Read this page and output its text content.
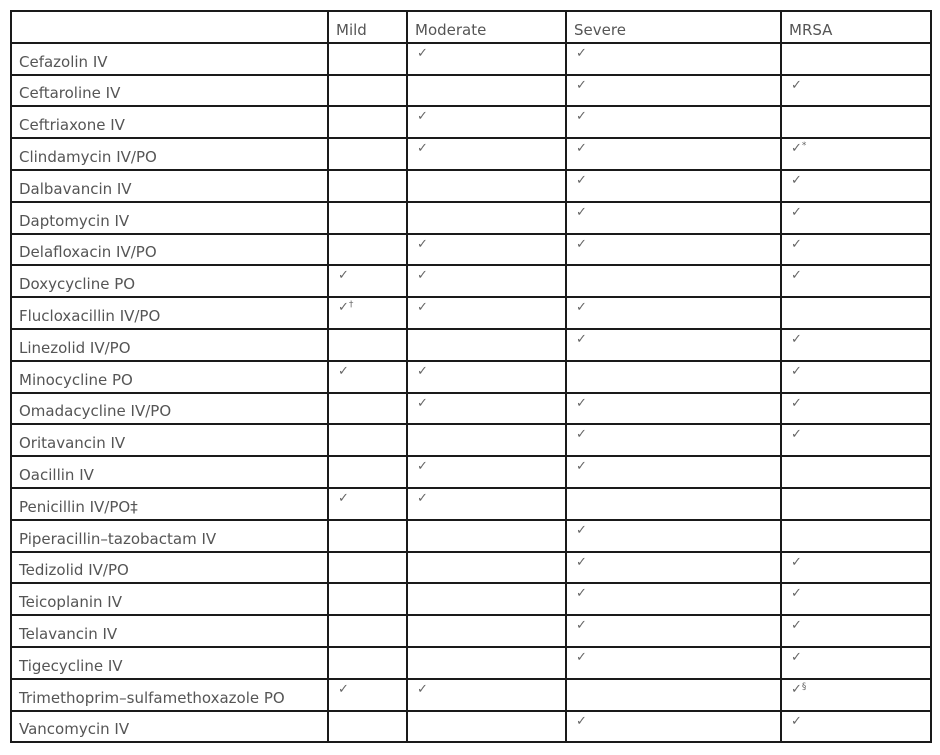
	Mild	Moderate	Severe	MRSA
Cefazolin IV		✓	✓	
Ceftaroline IV			✓	✓
Ceftriaxone IV		✓	✓	
Clindamycin IV/PO		✓	✓	✓*
Dalbavancin IV			✓	✓
Daptomycin IV			✓	✓
Delafloxacin IV/PO		✓	✓	✓
Doxycycline PO	✓	✓		✓
Flucloxacillin IV/PO	✓†	✓	✓	
Linezolid IV/PO			✓	✓
Minocycline PO	✓	✓		✓
Omadacycline IV/PO		✓	✓	✓
Oritavancin IV			✓	✓
Oacillin IV		✓	✓	
Penicillin IV/PO‡	✓	✓		
Piperacillin–tazobactam IV			✓	
Tedizolid IV/PO			✓	✓
Teicoplanin IV			✓	✓
Telavancin IV			✓	✓
Tigecycline IV			✓	✓
Trimethoprim–sulfamethoxazole PO	✓	✓		✓§
Vancomycin IV			✓	✓
